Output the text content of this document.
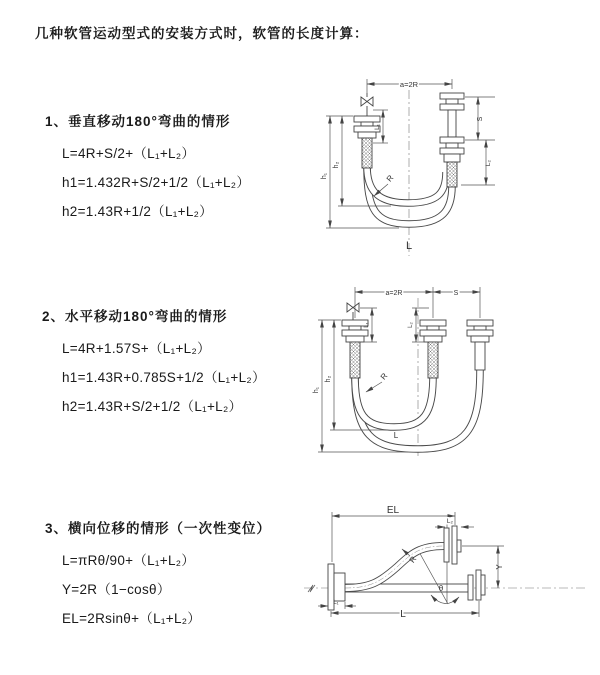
几种软管运动型式的安装方式时，软管的长度计算：
1、垂直移动180°弯曲的情形
L=4R+S/2+（L₁+L₂）
h1=1.432R+S/2+1/2（L₁+L₂）
h2=1.43R+1/2（L₁+L₂）
a=2R
h₁
h₂
L₁
S
L₂
R
L
2、水平移动180°弯曲的情形
L=4R+1.57S+（L₁+L₂）
h1=1.43R+0.785S+1/2（L₁+L₂）
h2=1.43R+S/2+1/2（L₁+L₂）
a=2R	S
h₁
h₂
L₁	L₂
R
L
3、横向位移的情形（一次性变位）
L=πRθ/90+（L₁+L₂）
Y=2R（1−cosθ）
EL=2Rsinθ+（L₁+L₂）
θ
EL
L₂
Y
R
L₁
L
